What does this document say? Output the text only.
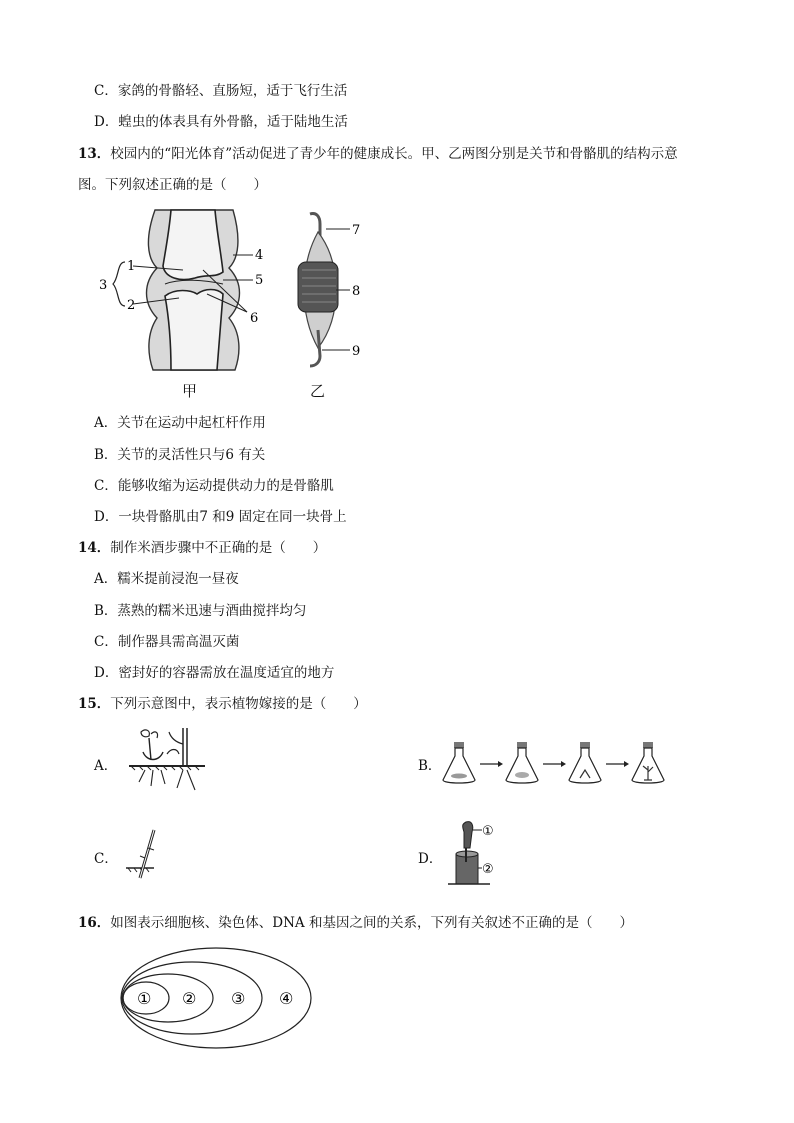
C．家鸽的骨骼轻、直肠短，适于飞行生活
D．蝗虫的体表具有外骨骼，适于陆地生活
13．校园内的“阳光体育”活动促进了青少年的健康成长。甲、乙两图分别是关节和骨骼肌的结构示意
图。下列叙述正确的是（　　）
1
2
3
4
5
6
7
8
9
甲	乙
A．关节在运动中起杠杆作用
B．关节的灵活性只与6 有关
C．能够收缩为运动提供动力的是骨骼肌
D．一块骨骼肌由7 和9 固定在同一块骨上
14．制作米酒步骤中不正确的是（　　）
A．糯米提前浸泡一昼夜
B．蒸熟的糯米迅速与酒曲搅拌均匀
C．制作器具需高温灭菌
D．密封好的容器需放在温度适宜的地方
15．下列示意图中，表示植物嫁接的是（　　）
A．	B．
C．	D．
①
②
16．如图表示细胞核、染色体、DNA 和基因之间的关系，下列有关叙述不正确的是（　　）
① ② ③ ④
